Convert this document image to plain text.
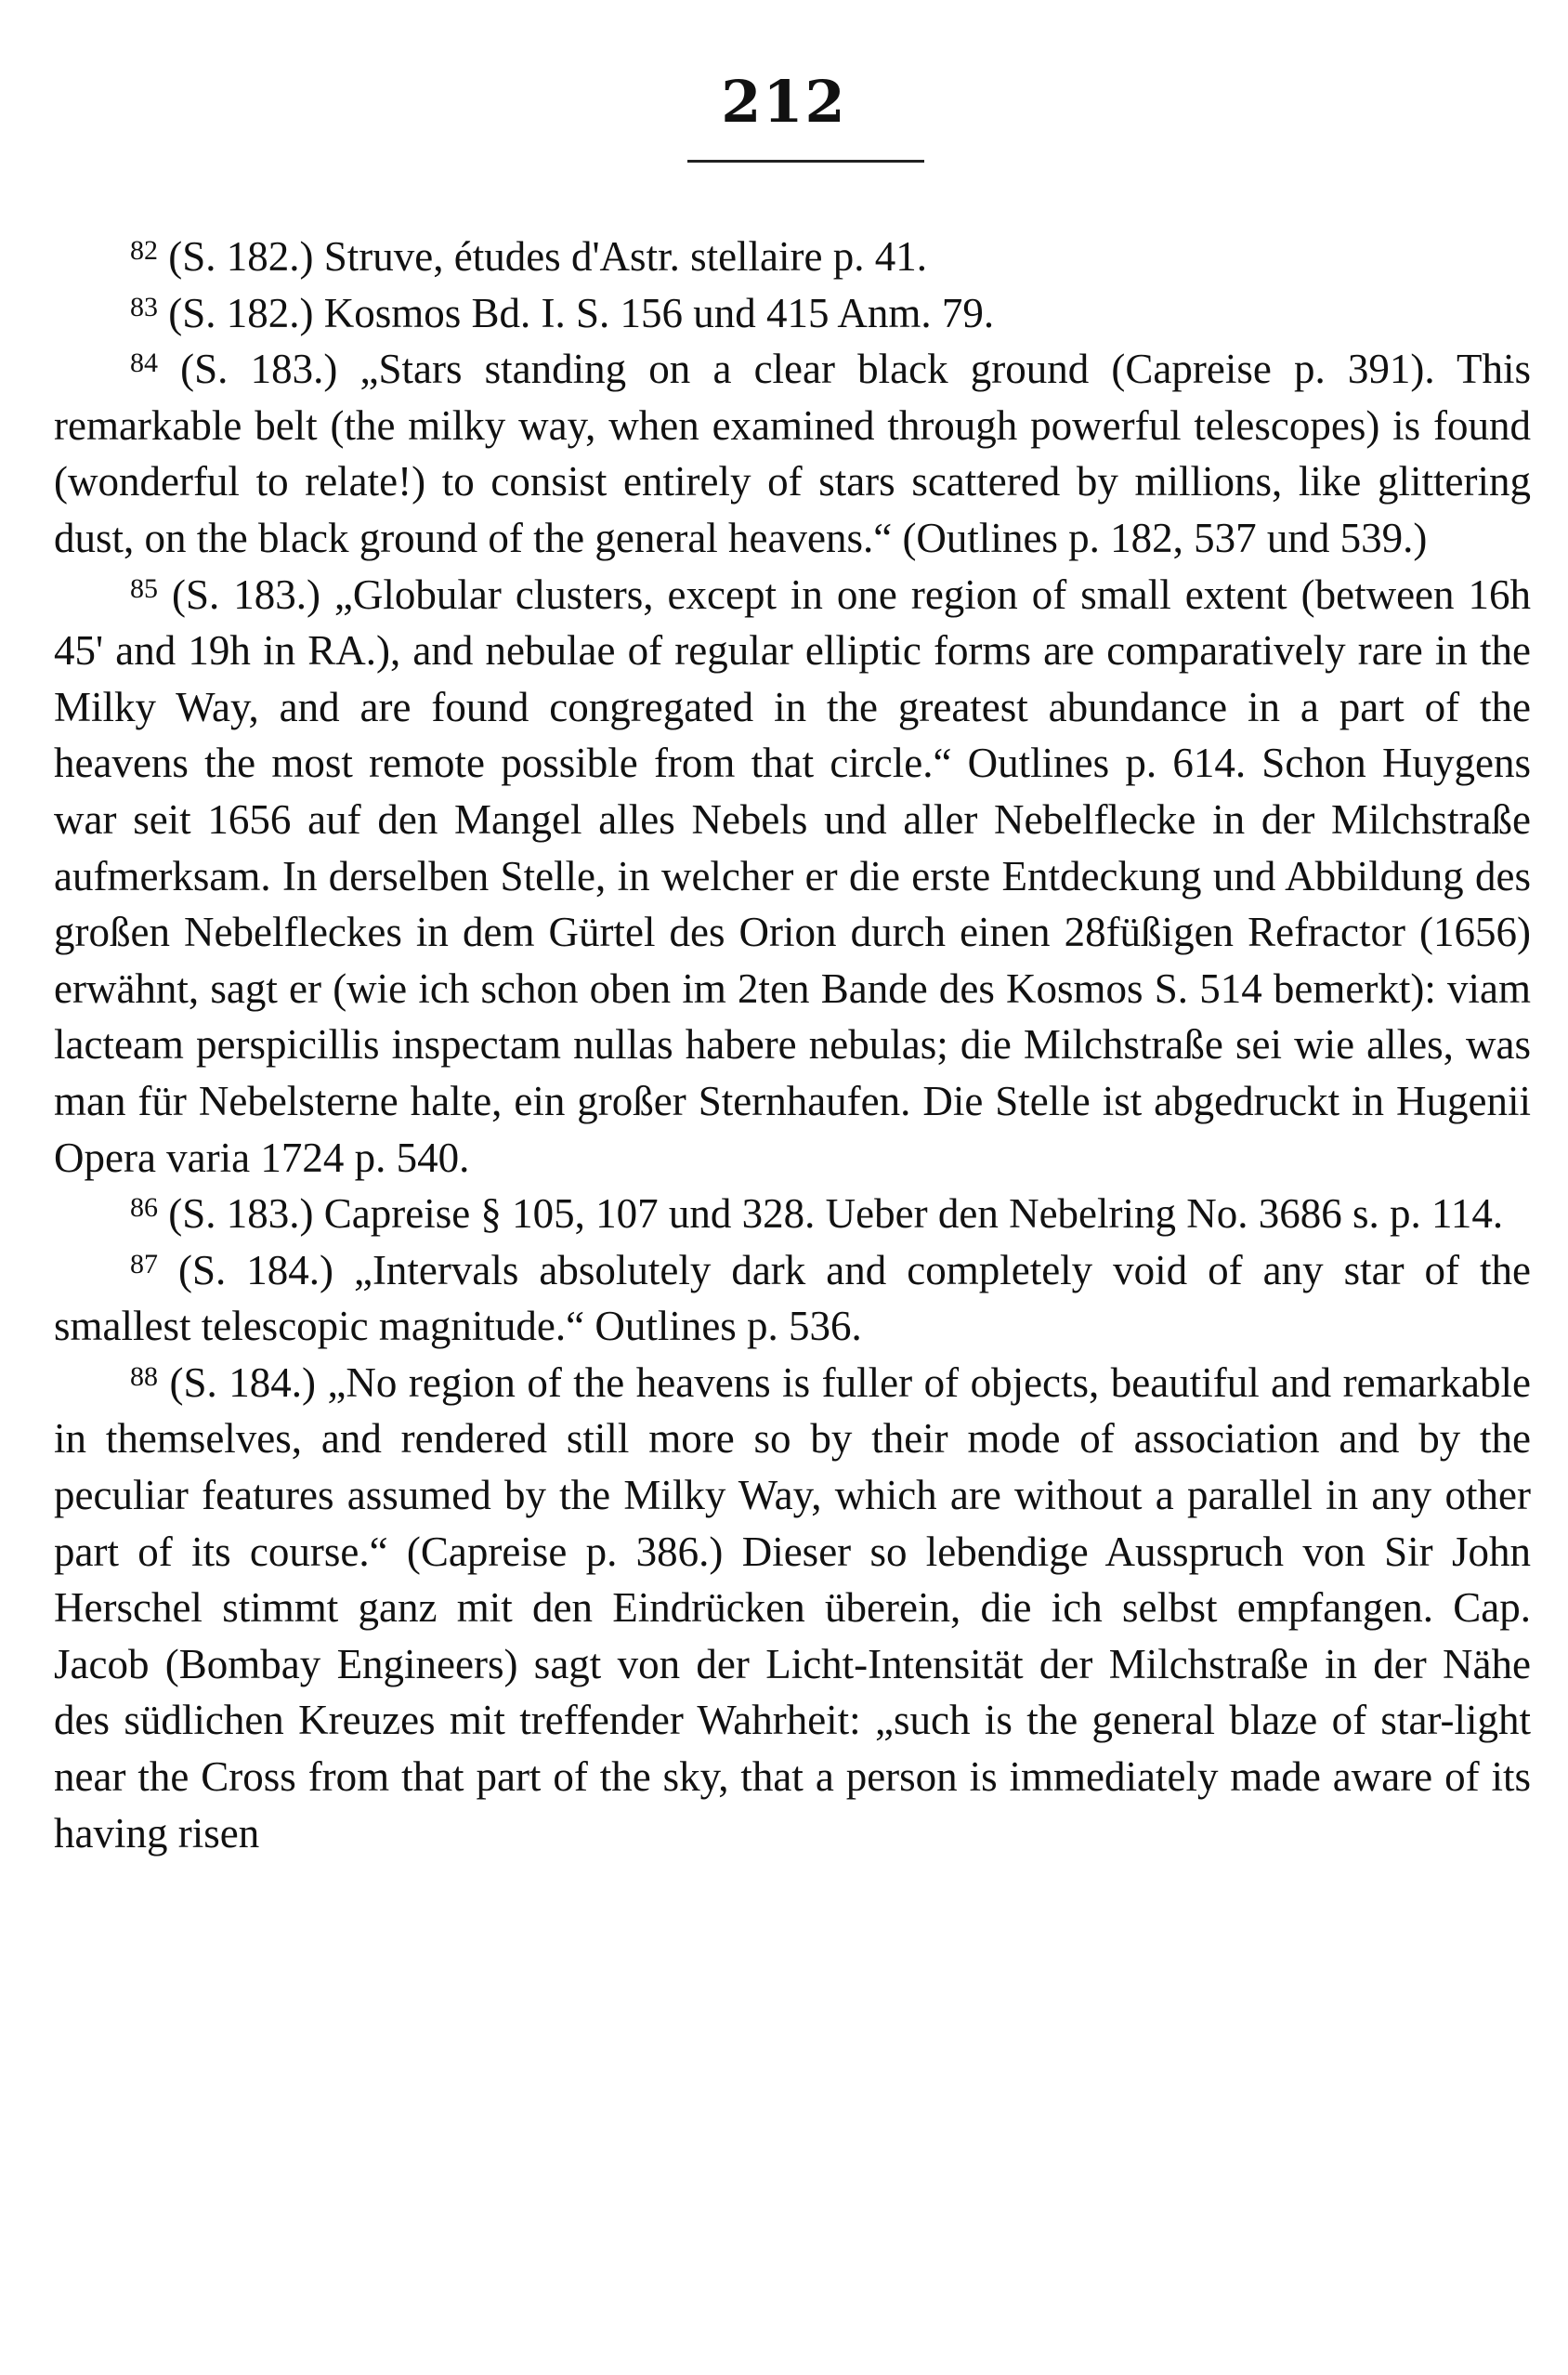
212

$^{82}$ (S. 182.) Struve, études d'Astr. stellaire p. 41.

$^{83}$ (S. 182.) Kosmos Bd. I. S. 156 und 415 Anm. 79.

$^{84}$ (S. 183.) „Stars standing on a clear black ground (Capreise p. 391). This remarkable belt (the milky way, when examined through powerful telescopes) is found (wonderful to relate!) to consist entirely of stars scattered by millions, like glittering dust, on the black ground of the general heavens.“ (Outlines p. 182, 537 und 539.)

$^{85}$ (S. 183.) „Globular clusters, except in one region of small extent (between 16h 45' and 19h in RA.), and nebulae of regular elliptic forms are comparatively rare in the Milky Way, and are found congregated in the greatest abundance in a part of the heavens the most remote possible from that circle.“ Outlines p. 614. Schon Huygens war seit 1656 auf den Mangel alles Nebels und aller Nebelflecke in der Milchstraße aufmerksam. In derselben Stelle, in welcher er die erste Entdeckung und Abbildung des großen Nebelfleckes in dem Gürtel des Orion durch einen 28füßigen Refractor (1656) erwähnt, sagt er (wie ich schon oben im 2ten Bande des Kosmos S. 514 bemerkt): viam lacteam perspicillis inspectam nullas habere nebulas; die Milchstraße sei wie alles, was man für Nebelsterne halte, ein großer Sternhaufen. Die Stelle ist abgedruckt in Hugenii Opera varia 1724 p. 540.

$^{86}$ (S. 183.) Capreise § 105, 107 und 328. Ueber den Nebelring No. 3686 s. p. 114.

$^{87}$ (S. 184.) „Intervals absolutely dark and completely void of any star of the smallest telescopic magnitude.“ Outlines p. 536.

$^{88}$ (S. 184.) „No region of the heavens is fuller of objects, beautiful and remarkable in themselves, and rendered still more so by their mode of association and by the peculiar features assumed by the Milky Way, which are without a parallel in any other part of its course.“ (Capreise p. 386.) Dieser so lebendige Ausspruch von Sir John Herschel stimmt ganz mit den Eindrücken überein, die ich selbst empfangen. Cap. Jacob (Bombay Engineers) sagt von der Licht-Intensität der Milchstraße in der Nähe des südlichen Kreuzes mit treffender Wahrheit: „such is the general blaze of star-light near the Cross from that part of the sky, that a person is immediately made aware of its having risen
